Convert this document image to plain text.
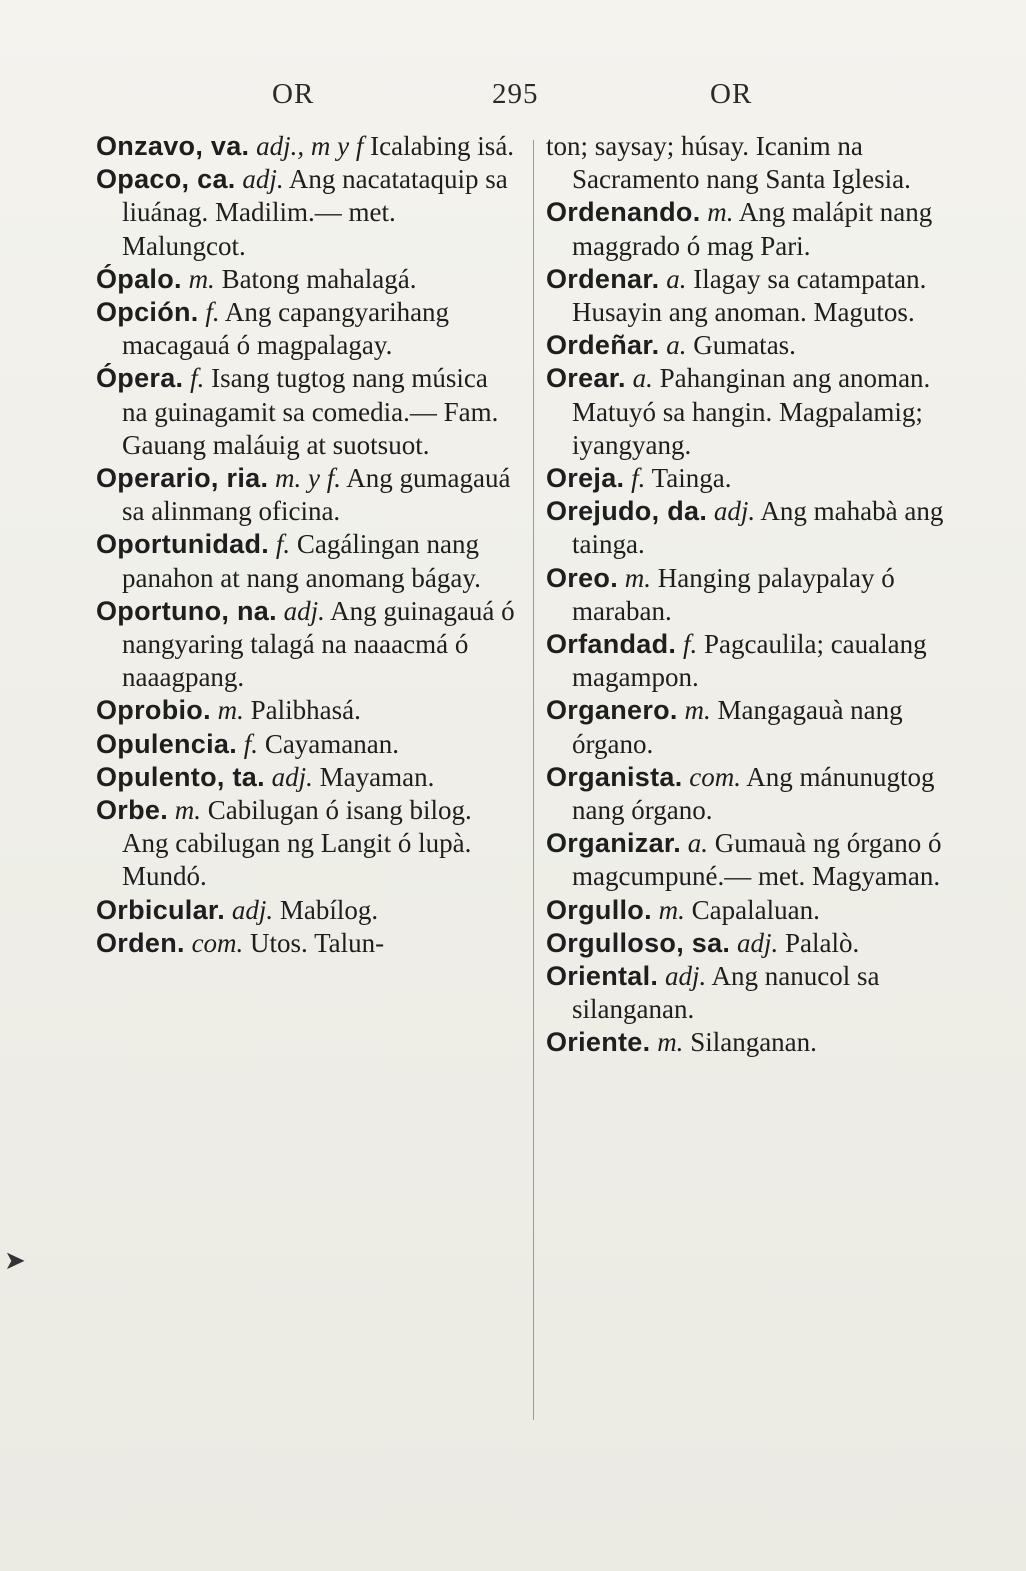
OR	295	OR

Onzavo, va. adj., m y f Icalabing isá.

Opaco, ca. adj. Ang nacatataquip sa liuánag. Madilim.— met. Malungcot.

Ópalo. m. Batong mahalagá.

Opción. f. Ang capangyarihang macagauá ó magpalagay.

Ópera. f. Isang tugtog nang música na guinagamit sa comedia.— Fam. Gauang maláuig at suotsuot.

Operario, ria. m. y f. Ang gumagauá sa alinmang oficina.

Oportunidad. f. Cagálingan nang panahon at nang anomang bágay.

Oportuno, na. adj. Ang guinagauá ó nangyaring talagá na naaacmá ó naaagpang.

Oprobio. m. Palibhasá.

Opulencia. f. Cayamanan.

Opulento, ta. adj. Mayaman.

Orbe. m. Cabilugan ó isang bilog. Ang cabilugan ng Langit ó lupà. Mundó.

Orbicular. adj. Mabílog.

Orden. com. Utos. Talun-

ton; saysay; húsay. Icanim na Sacramento nang Santa Iglesia.

Ordenando. m. Ang malápit nang maggrado ó mag Pari.

Ordenar. a. Ilagay sa catampatan. Husayin ang anoman. Magutos.

Ordeñar. a. Gumatas.

Orear. a. Pahanginan ang anoman. Matuyó sa hangin. Magpalamig; iyangyang.

Oreja. f. Tainga.

Orejudo, da. adj. Ang mahabà ang tainga.

Oreo. m. Hanging palaypalay ó maraban.

Orfandad. f. Pagcaulila; caualang magampon.

Organero. m. Mangagauà nang órgano.

Organista. com. Ang mánunugtog nang órgano.

Organizar. a. Gumauà ng órgano ó magcumpuné.— met. Magyaman.

Orgullo. m. Capalaluan.

Orgulloso, sa. adj. Palalò.

Oriental. adj. Ang nanucol sa silanganan.

Oriente. m. Silanganan.

➤
